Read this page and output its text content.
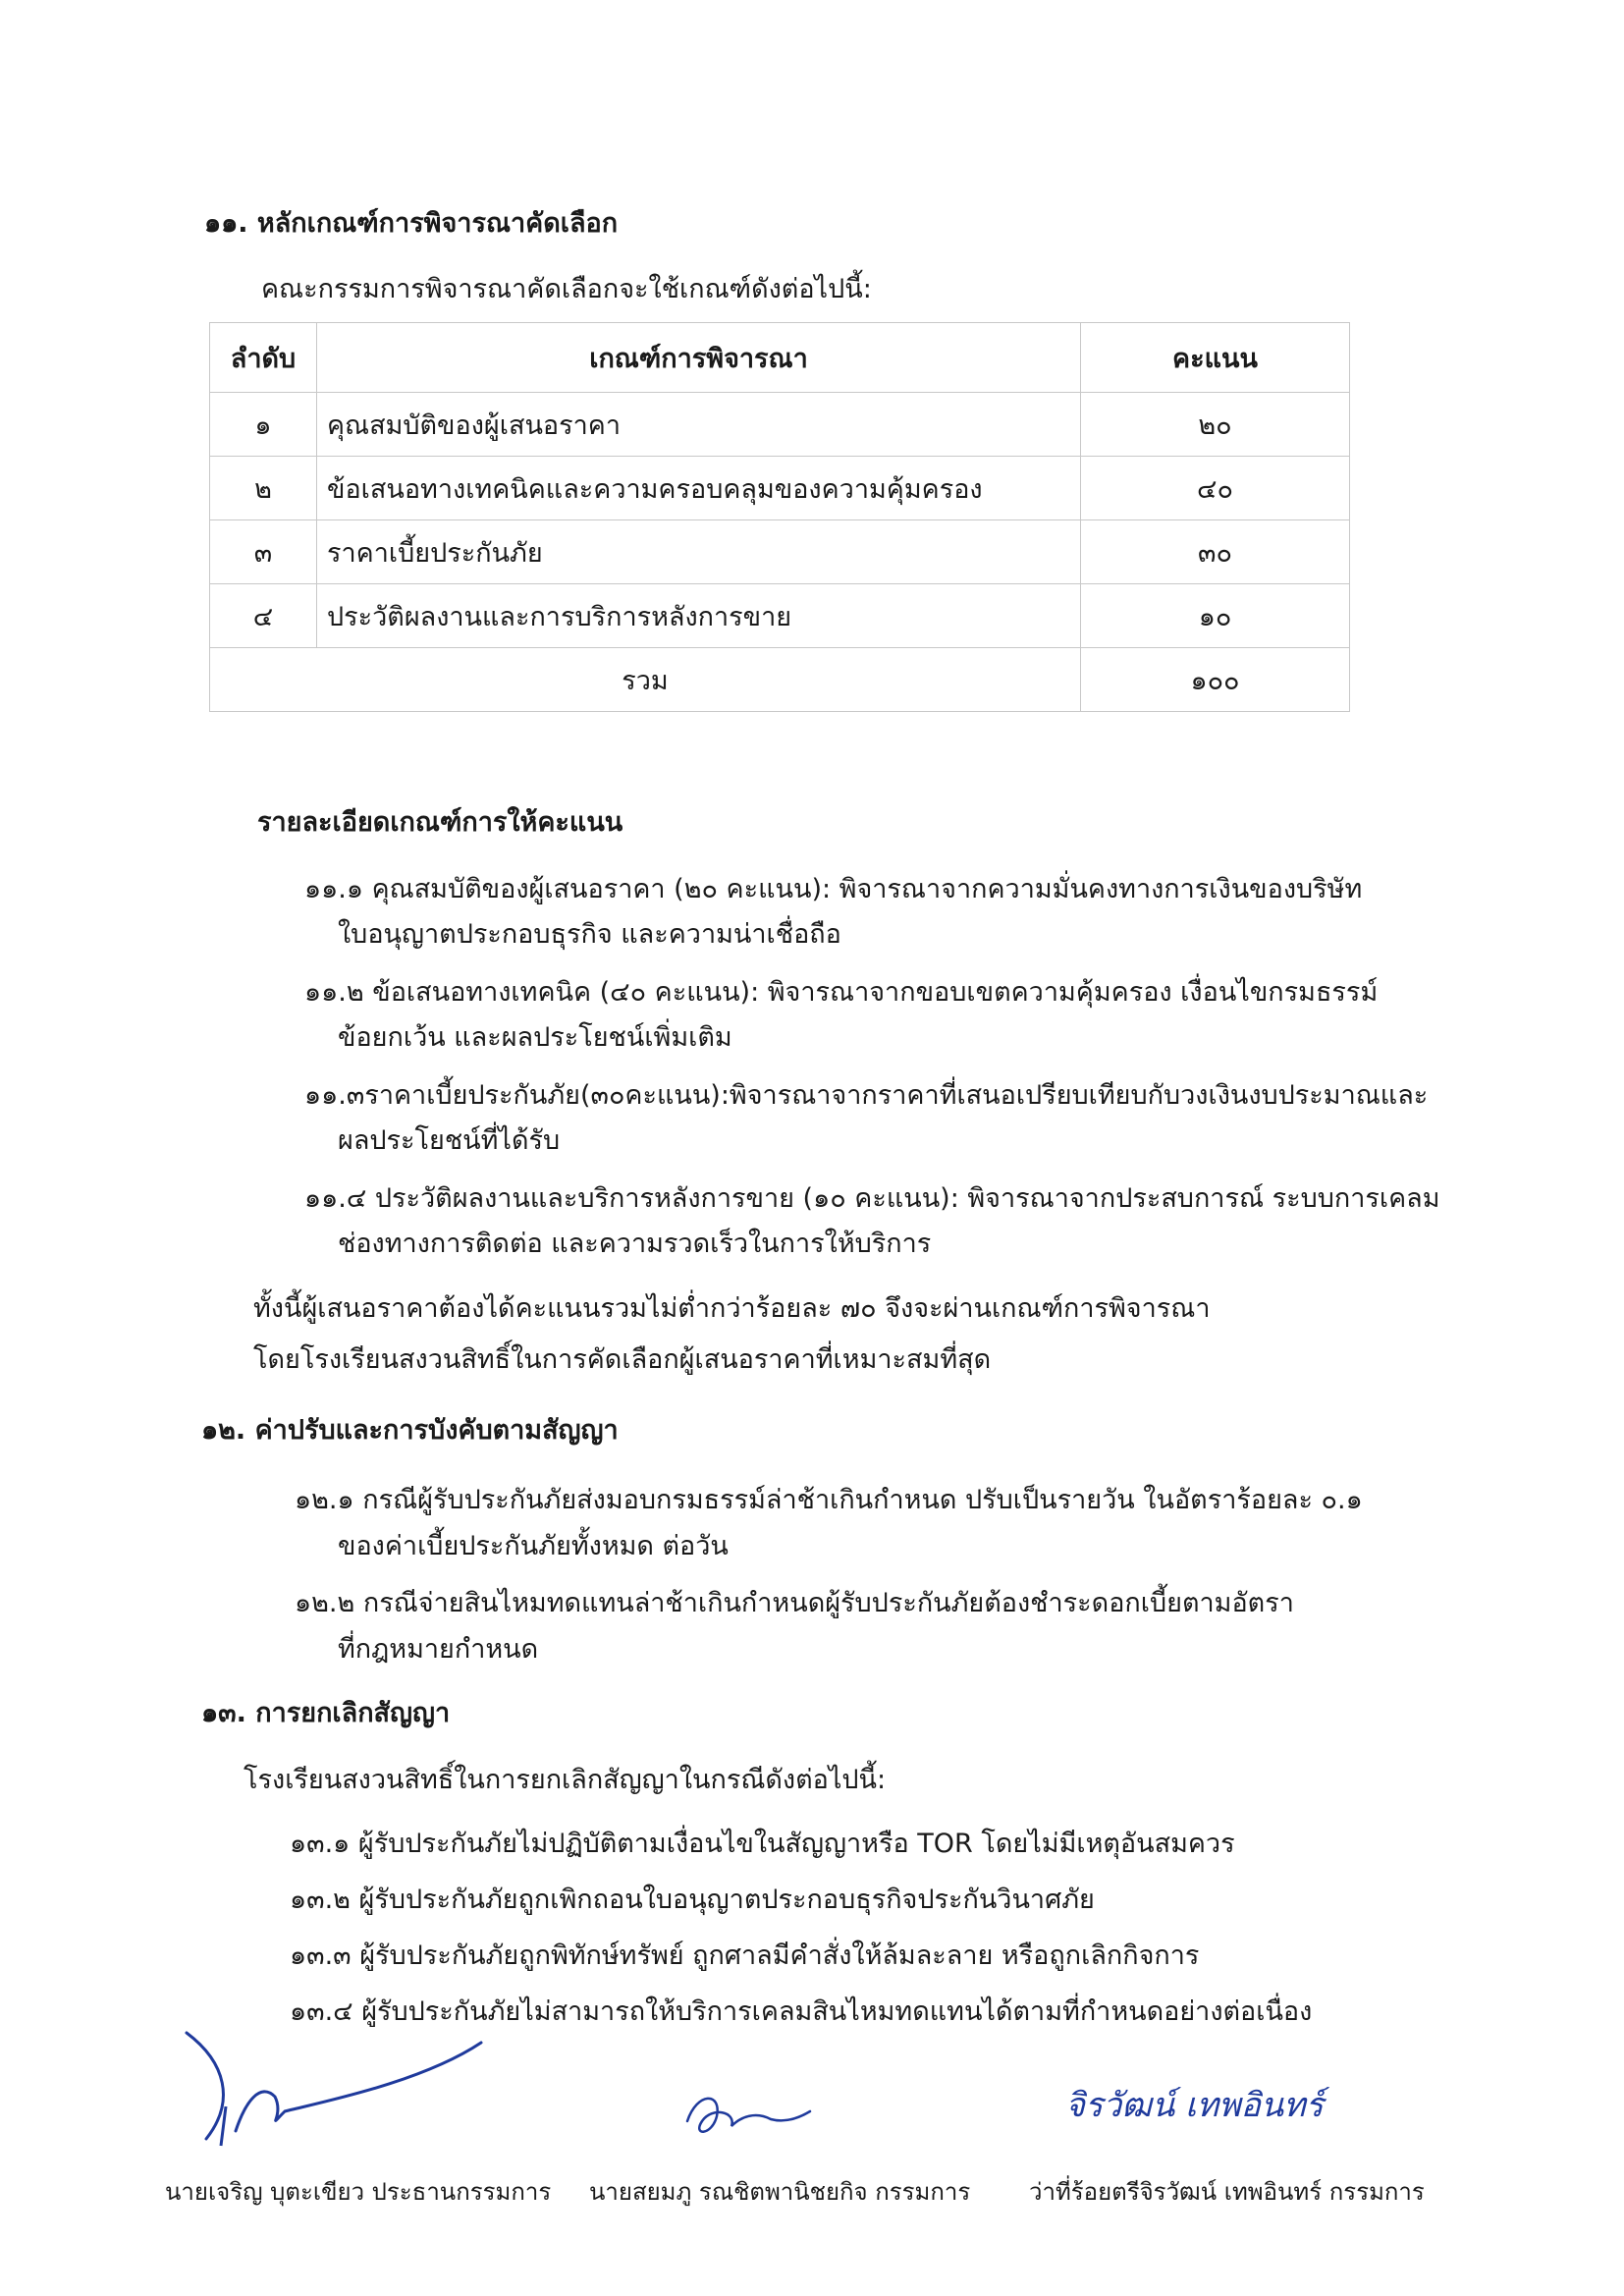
๑๑. หลักเกณฑ์การพิจารณาคัดเลือก
คณะกรรมการพิจารณาคัดเลือกจะใช้เกณฑ์ดังต่อไปนี้:
ลำดับ	เกณฑ์การพิจารณา	คะแนน
๑	คุณสมบัติของผู้เสนอราคา	๒๐
๒	ข้อเสนอทางเทคนิคและความครอบคลุมของความคุ้มครอง	๔๐
๓	ราคาเบี้ยประกันภัย	๓๐
๔	ประวัติผลงานและการบริการหลังการขาย	๑๐
รวม		๑๐๐
รายละเอียดเกณฑ์การให้คะแนน
๑๑.๑ คุณสมบัติของผู้เสนอราคา (๒๐ คะแนน): พิจารณาจากความมั่นคงทางการเงินของบริษัท
ใบอนุญาตประกอบธุรกิจ และความน่าเชื่อถือ
๑๑.๒ ข้อเสนอทางเทคนิค (๔๐ คะแนน): พิจารณาจากขอบเขตความคุ้มครอง เงื่อนไขกรมธรรม์
ข้อยกเว้น และผลประโยชน์เพิ่มเติม
๑๑.๓ราคาเบี้ยประกันภัย(๓๐คะแนน):พิจารณาจากราคาที่เสนอเปรียบเทียบกับวงเงินงบประมาณและ
ผลประโยชน์ที่ได้รับ
๑๑.๔ ประวัติผลงานและบริการหลังการขาย (๑๐ คะแนน): พิจารณาจากประสบการณ์ ระบบการเคลม
ช่องทางการติดต่อ และความรวดเร็วในการให้บริการ
ทั้งนี้ผู้เสนอราคาต้องได้คะแนนรวมไม่ต่ำกว่าร้อยละ ๗๐ จึงจะผ่านเกณฑ์การพิจารณา
โดยโรงเรียนสงวนสิทธิ์ในการคัดเลือกผู้เสนอราคาที่เหมาะสมที่สุด
๑๒. ค่าปรับและการบังคับตามสัญญา
๑๒.๑ กรณีผู้รับประกันภัยส่งมอบกรมธรรม์ล่าช้าเกินกำหนด ปรับเป็นรายวัน ในอัตราร้อยละ ๐.๑
ของค่าเบี้ยประกันภัยทั้งหมด ต่อวัน
๑๒.๒ กรณีจ่ายสินไหมทดแทนล่าช้าเกินกำหนดผู้รับประกันภัยต้องชำระดอกเบี้ยตามอัตรา
ที่กฎหมายกำหนด
๑๓. การยกเลิกสัญญา
โรงเรียนสงวนสิทธิ์ในการยกเลิกสัญญาในกรณีดังต่อไปนี้:
๑๓.๑ ผู้รับประกันภัยไม่ปฏิบัติตามเงื่อนไขในสัญญาหรือ TOR โดยไม่มีเหตุอันสมควร
๑๓.๒ ผู้รับประกันภัยถูกเพิกถอนใบอนุญาตประกอบธุรกิจประกันวินาศภัย
๑๓.๓ ผู้รับประกันภัยถูกพิทักษ์ทรัพย์ ถูกศาลมีคำสั่งให้ล้มละลาย หรือถูกเลิกกิจการ
๑๓.๔ ผู้รับประกันภัยไม่สามารถให้บริการเคลมสินไหมทดแทนได้ตามที่กำหนดอย่างต่อเนื่อง
จิรวัฒน์ เทพอินทร์
นายเจริญ บุตะเขียว ประธานกรรมการ นายสยมภู รณชิตพานิชยกิจ กรรมการ ว่าที่ร้อยตรีจิรวัฒน์ เทพอินทร์ กรรมการ
